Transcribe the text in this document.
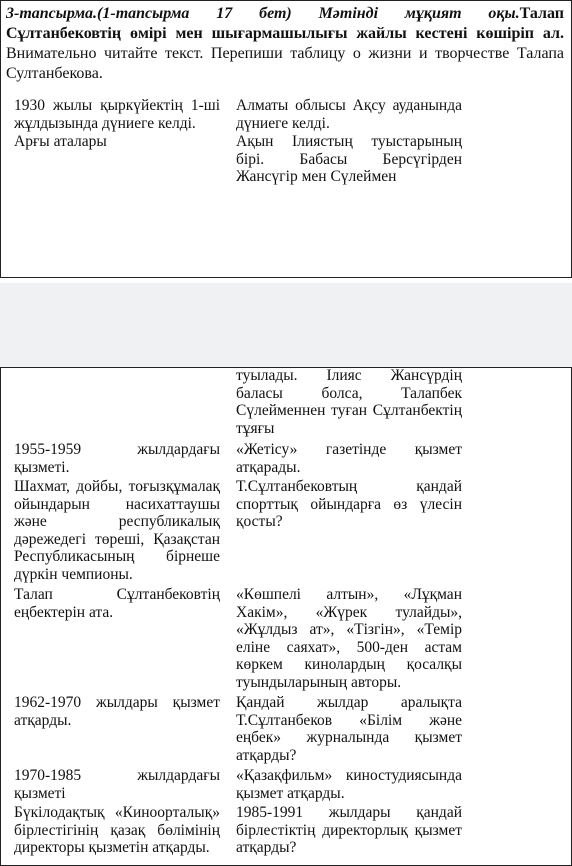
3-тапсырма.(1-тапсырма 17 бет) Мәтінді мұқият оқы.Талап Сұлтанбековтің өмірі мен шығармашылығы жайлы кестені көшіріп ал. Внимательно читайте текст. Перепиши таблицу о жизни и творчестве Талапа Султанбекова.
1930 жылы қыркүйектің 1-ші жұлдызында дүниеге келді.
Алматы облысы Ақсу ауданында дүниеге келді.
Арғы аталары	Ақын Ілиястың туыстарының бірі. Бабасы Берсүгірден Жансүгір мен Сүлеймен
туылады. Ілияс Жансүрдің баласы болса, Талапбек Сүлейменнен туған Сұлтанбектің тұяғы
1955-1959 жылдардағы қызметі.
«Жетісу» газетінде қызмет атқарады.
Шахмат, дойбы, тоғызқұмалақ ойындарын насихаттаушы және республикалық дәрежедегі төреші, Қазақстан Республикасының бірнеше дүркін чемпионы.
Т.Сұлтанбековтың қандай спорттық ойындарға өз үлесін қосты?
Талап Сұлтанбековтің еңбектерін ата.
«Көшпелі алтын», «Лұқман Хакім», «Жүрек тулайды», «Жұлдыз ат», «Тізгін», «Темір еліне саяхат», 500-ден астам көркем кинолардың қосалқы туындыларының авторы.
1962-1970 жылдары қызмет атқарды.
Қандай жылдар аралықта Т.Сұлтанбеков «Білім және еңбек» журналында қызмет атқарды?
1970-1985 жылдардағы қызметі
«Қазақфильм» киностудиясында қызмет атқарды.
Бүкілодақтық «Киноорталық» бірлестігінің қазақ бөлімінің директоры қызметін атқарды.
1985-1991 жылдары қандай бірлестіктің директорлық қызмет атқарды?
